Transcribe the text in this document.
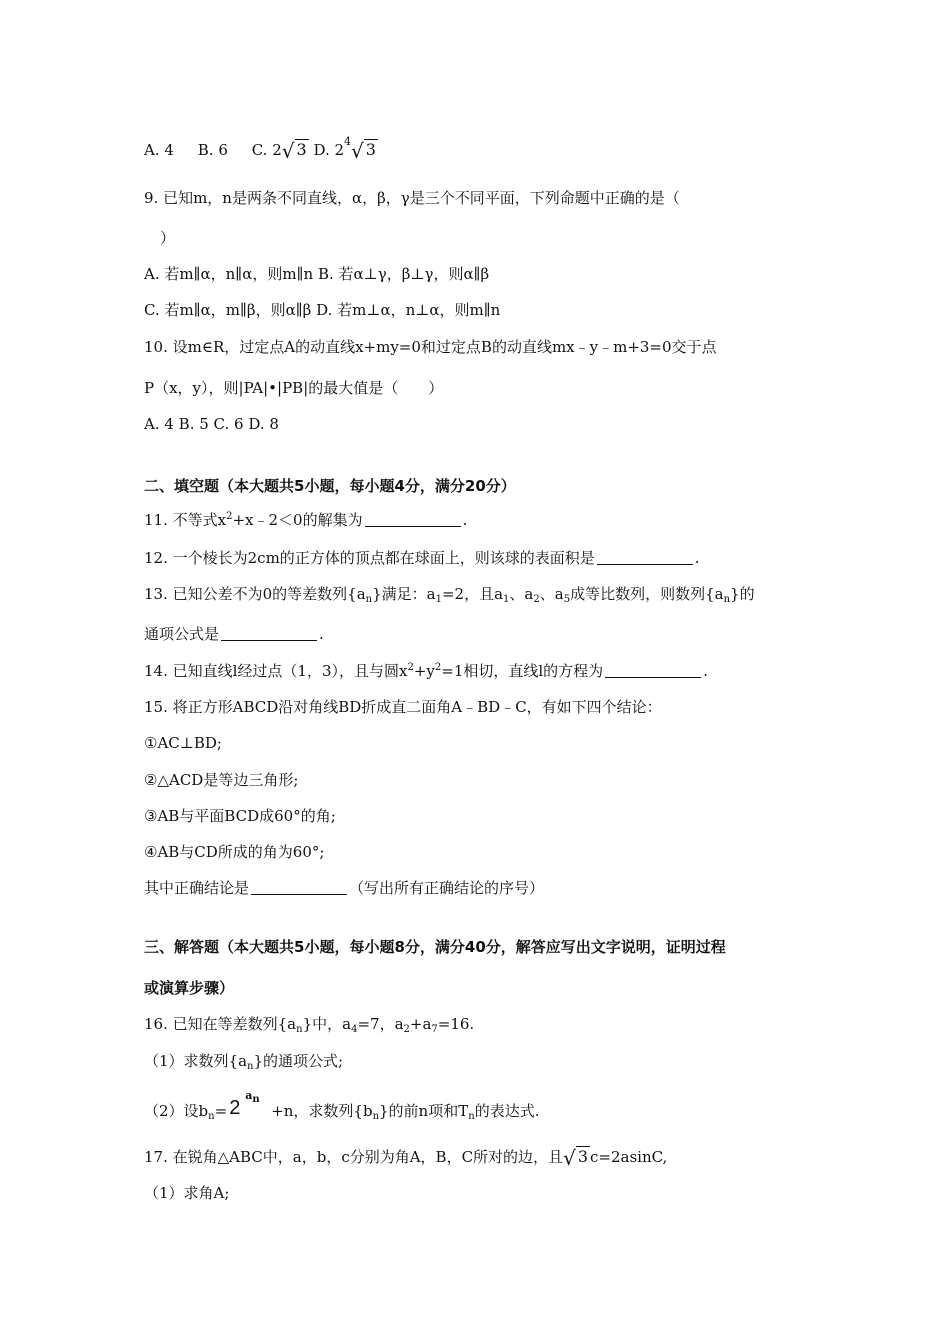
A. 4 B. 6 C. 2√ 3 D. $2^4√$ 3
9. 已知m，n是两条不同直线，α，β，γ是三个不同平面，下列命题中正确的是（
）
A. 若m∥α，n∥α，则m∥n B. 若α⊥γ，β⊥γ，则α∥β
C. 若m∥α，m∥β，则α∥β D. 若m⊥α，n⊥α，则m∥n
10. 设m∈R，过定点A的动直线x+my=0和过定点B的动直线mx﹣y﹣m+3=0交于点
P（x，y），则|PA|•|PB|的最大值是（　　）
A. 4 B. 5 C. 6 D. 8
二、填空题（本大题共5小题，每小题4分，满分20分）
11. 不等式$x^2+x﹣2<0$的解集为	.
12. 一个棱长为2cm的正方体的顶点都在球面上，则该球的表面积是	.
13. 已知公差不为0的等差数列$\{a_n\}$满足：$a_1=2$，且$a_1$、$a_2$、$a_5$成等比数列，则数列$\{a_n\}$的
通项公式是	.
14. 已知直线l经过点（1，3），且与圆$x^2+y^2=1$相切，直线l的方程为	.
15. 将正方形ABCD沿对角线BD折成直二面角A﹣BD﹣C，有如下四个结论：
①AC⊥BD;
②△ACD是等边三角形;
③AB与平面BCD成60°的角;
④AB与CD所成的角为60°;
其中正确结论是	（写出所有正确结论的序号）
三、解答题（本大题共5小题，每小题8分，满分40分，解答应写出文字说明，证明过程
或演算步骤）
16. 已知在等差数列$\{a_n\}$中，$a_4=7$，$a_2+a_7=16$.
（1）求数列$\{a_n\}$的通项公式;
（2）设$b_n= 2$
$a_n$
+n，求数列$\{b_n\}$的前n项和$T_n$的表达式.
17. 在锐角△ABC中，a，b，c分别为角A，B，C所对的边，且√ 3 c=2asinC,
（1）求角A;
